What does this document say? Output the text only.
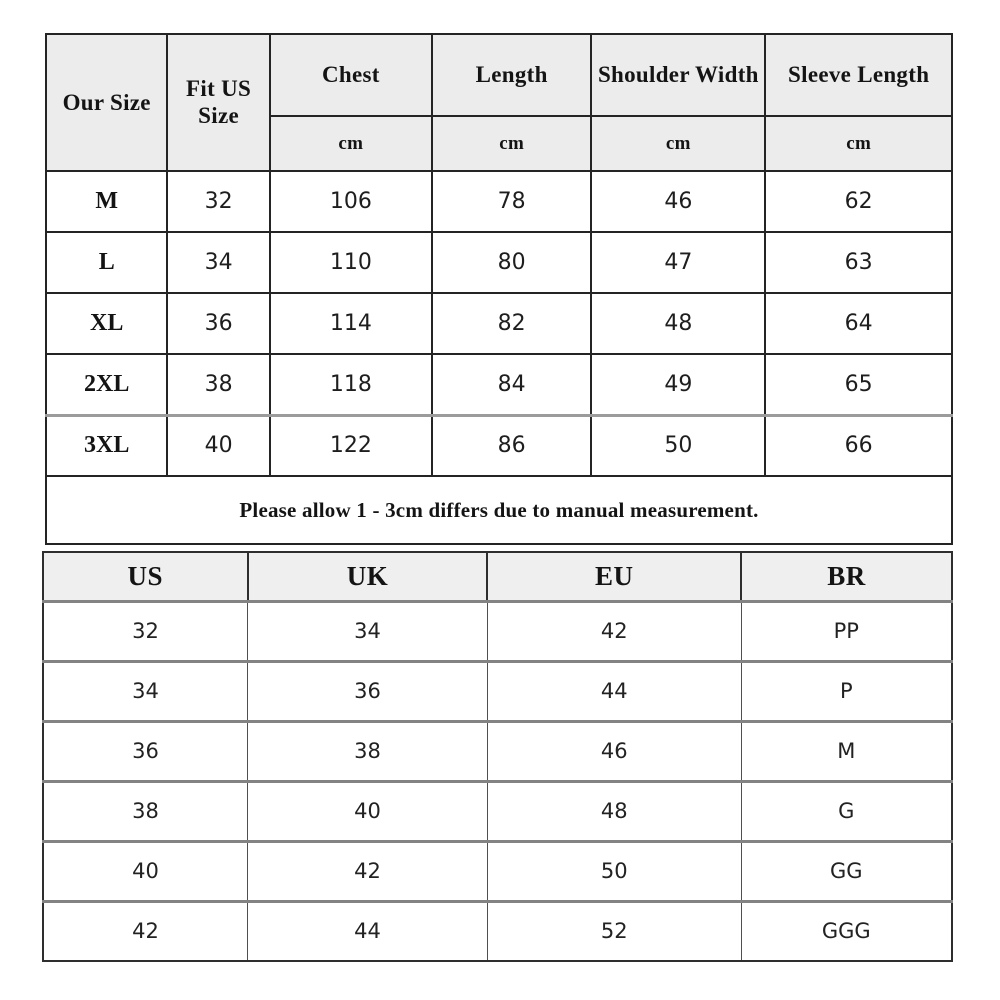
Our Size	Fit US Size	Chest	Length	Shoulder Width	Sleeve Length
		cm	cm	cm	cm
M	32	106	78	46	62
L	34	110	80	47	63
XL	36	114	82	48	64
2XL	38	118	84	49	65
3XL	40	122	86	50	66
Please allow 1 - 3cm differs due to manual measurement.					
US	UK	EU	BR
32	34	42	PP
34	36	44	P
36	38	46	M
38	40	48	G
40	42	50	GG
42	44	52	GGG
